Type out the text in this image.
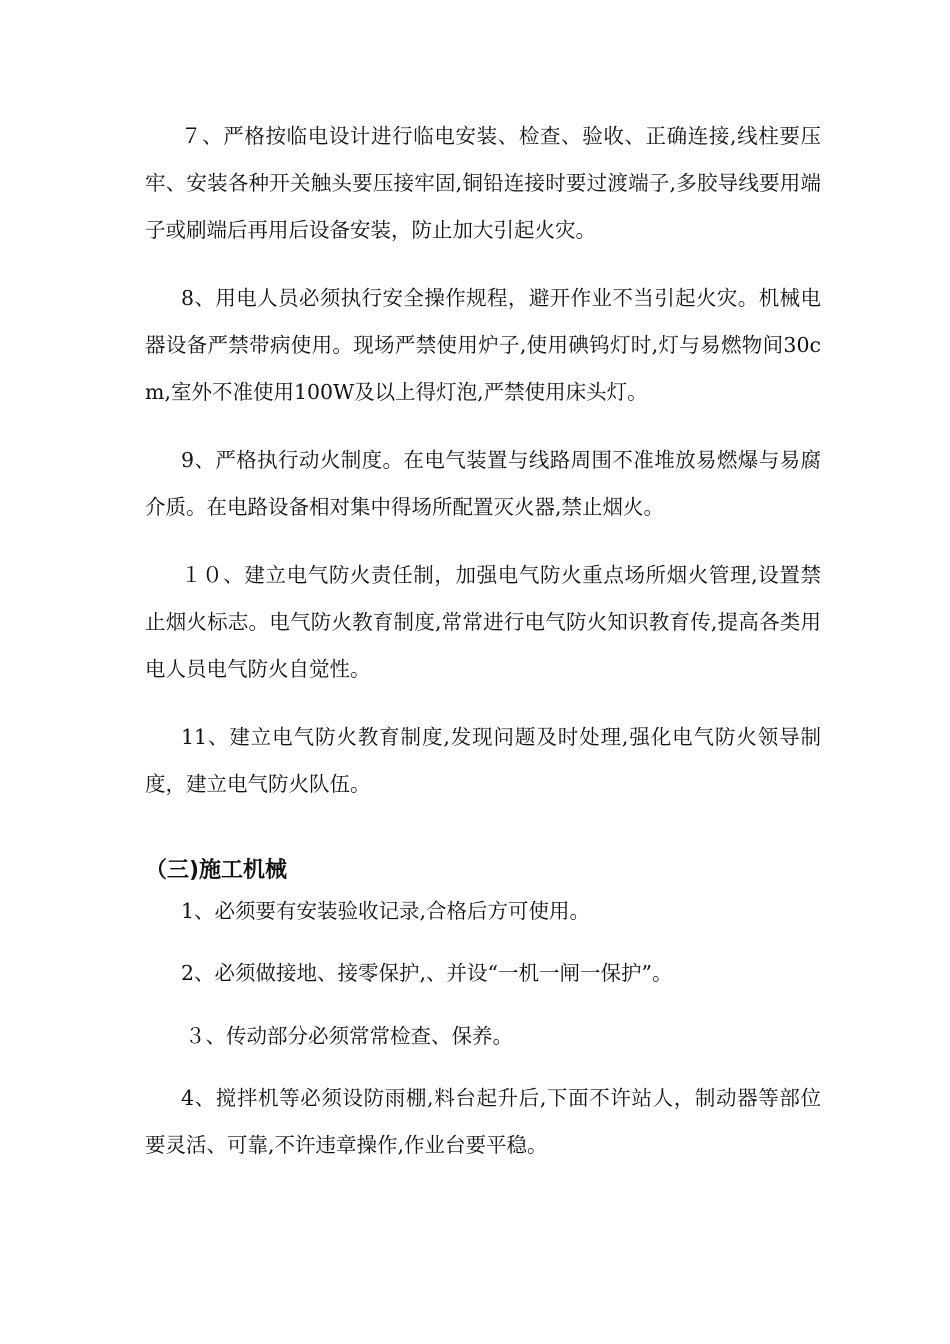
７、严格按临电设计进行临电安装、检查、验收、正确连接,线柱要压牢、安装各种开关触头要压接牢固,铜铅连接时要过渡端子,多胶导线要用端子或刷端后再用后设备安装，防止加大引起火灾。

8、用电人员必须执行安全操作规程，避开作业不当引起火灾。机械电器设备严禁带病使用。现场严禁使用炉子,使用碘钨灯时,灯与易燃物间30cm,室外不准使用100W及以上得灯泡,严禁使用床头灯。

9、严格执行动火制度。在电气装置与线路周围不准堆放易燃爆与易腐介质。在电路设备相对集中得场所配置灭火器,禁止烟火。

１０、建立电气防火责任制，加强电气防火重点场所烟火管理,设置禁止烟火标志。电气防火教育制度,常常进行电气防火知识教育传,提高各类用电人员电气防火自觉性。

11、建立电气防火教育制度,发现问题及时处理,强化电气防火领导制度，建立电气防火队伍。

（三)施工机械

1、必须要有安装验收记录,合格后方可使用。

2、必须做接地、接零保护,、并设“一机一闸一保护”。

３、传动部分必须常常检查、保养。

4、搅拌机等必须设防雨棚,料台起升后,下面不许站人，制动器等部位要灵活、可靠,不许违章操作,作业台要平稳。
